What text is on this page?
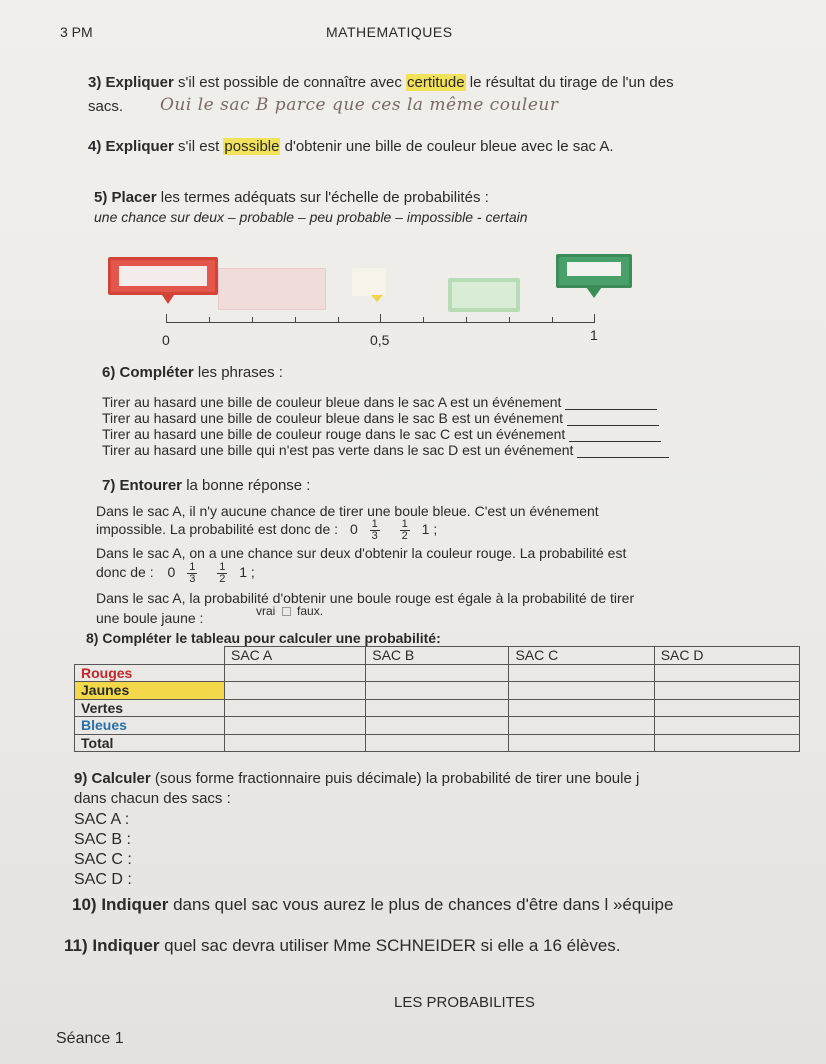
3 PM	MATHEMATIQUES
3) Expliquer s'il est possible de connaître avec certitude le résultat du tirage de l'un des
sacs. Oui le sac B parce que ces la même couleur
4) Expliquer s'il est possible d'obtenir une bille de couleur bleue avec le sac A.
5) Placer les termes adéquats sur l'échelle de probabilités :
une chance sur deux – probable – peu probable – impossible - certain
0	0,5	1
6) Compléter les phrases :
Tirer au hasard une bille de couleur bleue dans le sac A est un événement
Tirer au hasard une bille de couleur bleue dans le sac B est un événement
Tirer au hasard une bille de couleur rouge dans le sac C est un événement
Tirer au hasard une bille qui n'est pas verte dans le sac D est un événement
7) Entourer la bonne réponse :
Dans le sac A, il n'y aucune chance de tirer une boule bleue. C'est un événement
impossible. La probabilité est donc de : $0 \frac{1}{3}$
$\frac{1}{2} 1$ ;
Dans le sac A, on a une chance sur deux d'obtenir la couleur rouge. La probabilité est
donc de : $0 \frac{1}{3}$
$\frac{1}{2} 1$ ;
Dans le sac A, la probabilité d'obtenir une boule rouge est égale à la probabilité de tirer
une boule jaune :	vrai faux.
8) Compléter le tableau pour calculer une probabilité:
	SAC A	SAC B	SAC C	SAC D
Rouges				
Jaunes				
Vertes				
Bleues				
Total				
9) Calculer (sous forme fractionnaire puis décimale) la probabilité de tirer une boule j
dans chacun des sacs :
SAC A :
SAC B :
SAC C :
SAC D :
10) Indiquer dans quel sac vous aurez le plus de chances d'être dans l »équipe
11) Indiquer quel sac devra utiliser Mme SCHNEIDER si elle a 16 élèves.
LES PROBABILITES
Séance 1
